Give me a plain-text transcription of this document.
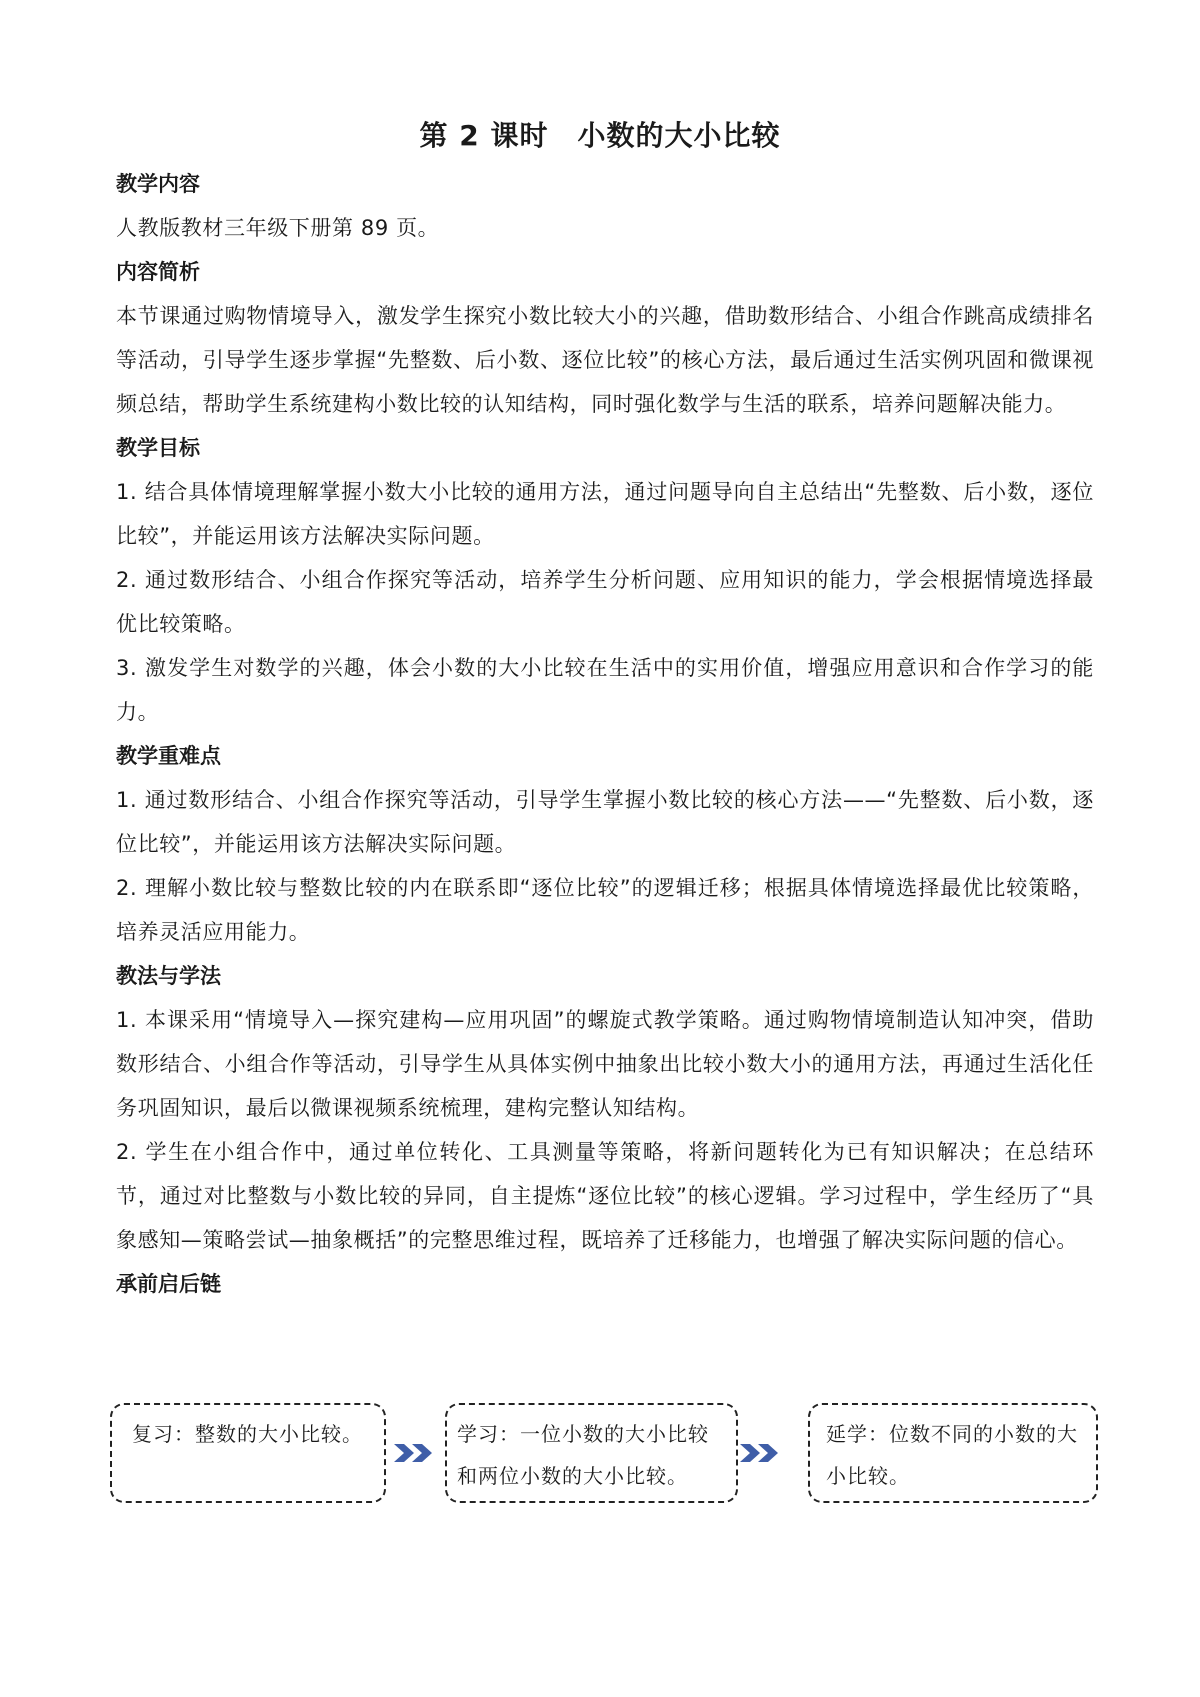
第 2 课时　小数的大小比较
教学内容

人教版教材三年级下册第 89 页。

内容简析

本节课通过购物情境导入，激发学生探究小数比较大小的兴趣，借助数形结合、小组合作跳高成绩排名等活动，引导学生逐步掌握“先整数、后小数、逐位比较”的核心方法，最后通过生活实例巩固和微课视频总结，帮助学生系统建构小数比较的认知结构，同时强化数学与生活的联系，培养问题解决能力。

教学目标

1. 结合具体情境理解掌握小数大小比较的通用方法，通过问题导向自主总结出“先整数、后小数，逐位比较”，并能运用该方法解决实际问题。

2. 通过数形结合、小组合作探究等活动，培养学生分析问题、应用知识的能力，学会根据情境选择最优比较策略。

3. 激发学生对数学的兴趣，体会小数的大小比较在生活中的实用价值，增强应用意识和合作学习的能力。

教学重难点

1. 通过数形结合、小组合作探究等活动，引导学生掌握小数比较的核心方法——“先整数、后小数，逐位比较”，并能运用该方法解决实际问题。

2. 理解小数比较与整数比较的内在联系即“逐位比较”的逻辑迁移；根据具体情境选择最优比较策略，培养灵活应用能力。

教法与学法

1. 本课采用“情境导入—探究建构—应用巩固”的螺旋式教学策略。通过购物情境制造认知冲突，借助数形结合、小组合作等活动，引导学生从具体实例中抽象出比较小数大小的通用方法，再通过生活化任务巩固知识，最后以微课视频系统梳理，建构完整认知结构。

2. 学生在小组合作中，通过单位转化、工具测量等策略，将新问题转化为已有知识解决；在总结环节，通过对比整数与小数比较的异同，自主提炼“逐位比较”的核心逻辑。学习过程中，学生经历了“具象感知—策略尝试—抽象概括”的完整思维过程，既培养了迁移能力，也增强了解决实际问题的信心。

承前启后链
复习：整数的大小比较。	学习：一位小数的大小比较和两位小数的大小比较。
延学：位数不同的小数的大小比较。
